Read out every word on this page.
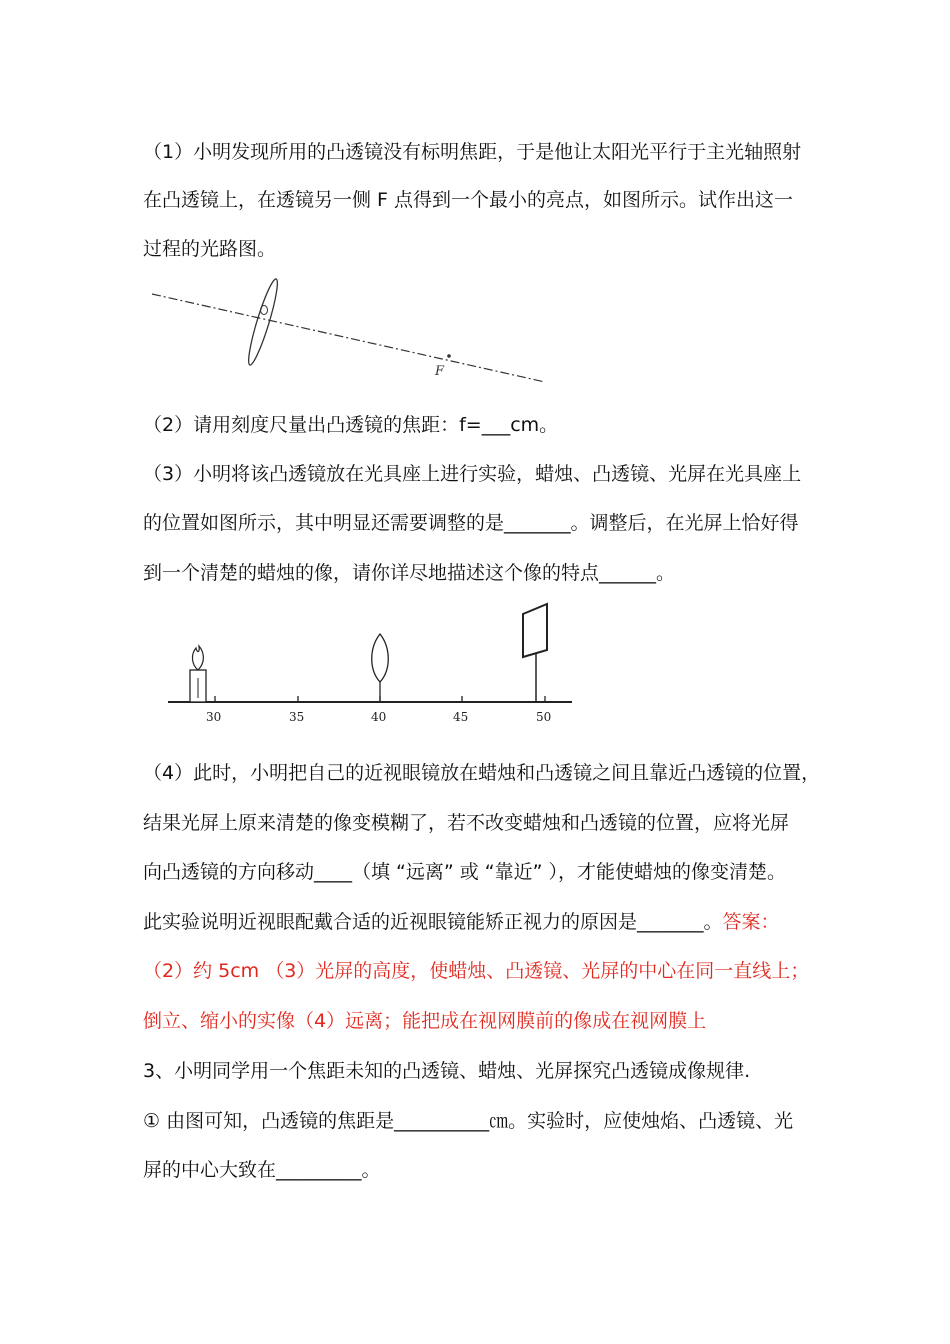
（1）小明发现所用的凸透镜没有标明焦距，于是他让太阳光平行于主光轴照射
在凸透镜上，在透镜另一侧 F 点得到一个最小的亮点，如图所示。试作出这一
过程的光路图。
F
（2）请用刻度尺量出凸透镜的焦距：f=___cm。
（3）小明将该凸透镜放在光具座上进行实验，蜡烛、凸透镜、光屏在光具座上
的位置如图所示，其中明显还需要调整的是_______。调整后，在光屏上恰好得
到一个清楚的蜡烛的像，请你详尽地描述这个像的特点______。
30	35	40	45	50
（4）此时，小明把自己的近视眼镜放在蜡烛和凸透镜之间且靠近凸透镜的位置，
结果光屏上原来清楚的像变模糊了，若不改变蜡烛和凸透镜的位置，应将光屏
向凸透镜的方向移动____（填 “远离” 或 “靠近” ），才能使蜡烛的像变清楚。
此实验说明近视眼配戴合适的近视眼镜能矫正视力的原因是_______。答案：
（2）约 5cm （3）光屏的高度，使蜡烛、凸透镜、光屏的中心在同一直线上；
倒立、缩小的实像（4）远离；能把成在视网膜前的像成在视网膜上
3、小明同学用一个焦距未知的凸透镜、蜡烛、光屏探究凸透镜成像规律.
① 由图可知，凸透镜的焦距是__________㎝。实验时，应使烛焰、凸透镜、光
屏的中心大致在_________。
